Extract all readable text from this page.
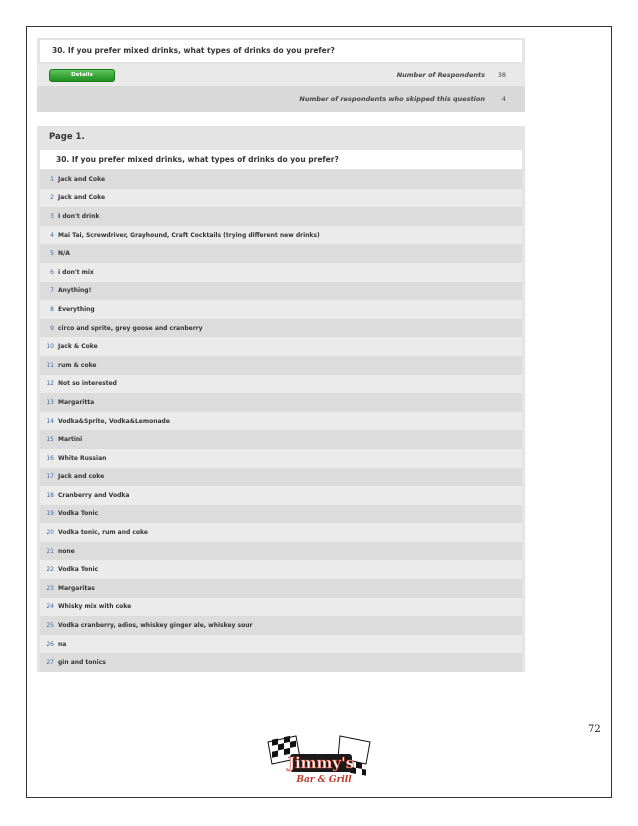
30. If you prefer mixed drinks, what types of drinks do you prefer?
Details	Number of Respondents 38
Number of respondents who skipped this question	4
Page 1.
30. If you prefer mixed drinks, what types of drinks do you prefer?
1 Jack and Coke
2 Jack and Coke
3 I don't drink
4 Mai Tai, Screwdriver, Grayhound, Craft Cocktails (trying different new drinks)
5 N/A
6 i don't mix
7 Anything!
8 Everything
9 circo and sprite, grey goose and cranberry
10 Jack & Coke
11 rum & coke
12 Not so interested
13 Margaritta
14 Vodka&Sprite, Vodka&Lemonade
15 Martini
16 White Russian
17 Jack and coke
18 Cranberry and Vodka
19 Vodka Tonic
20 Vodka tonic, rum and coke
21 none
22 Vodka Tonic
23 Margaritas
24 Whisky mix with coke
25 Vodka cranberry, adios, whiskey ginger ale, whiskey sour
26 na
27 gin and tonics
72
Jimmy's
Bar & Grill
